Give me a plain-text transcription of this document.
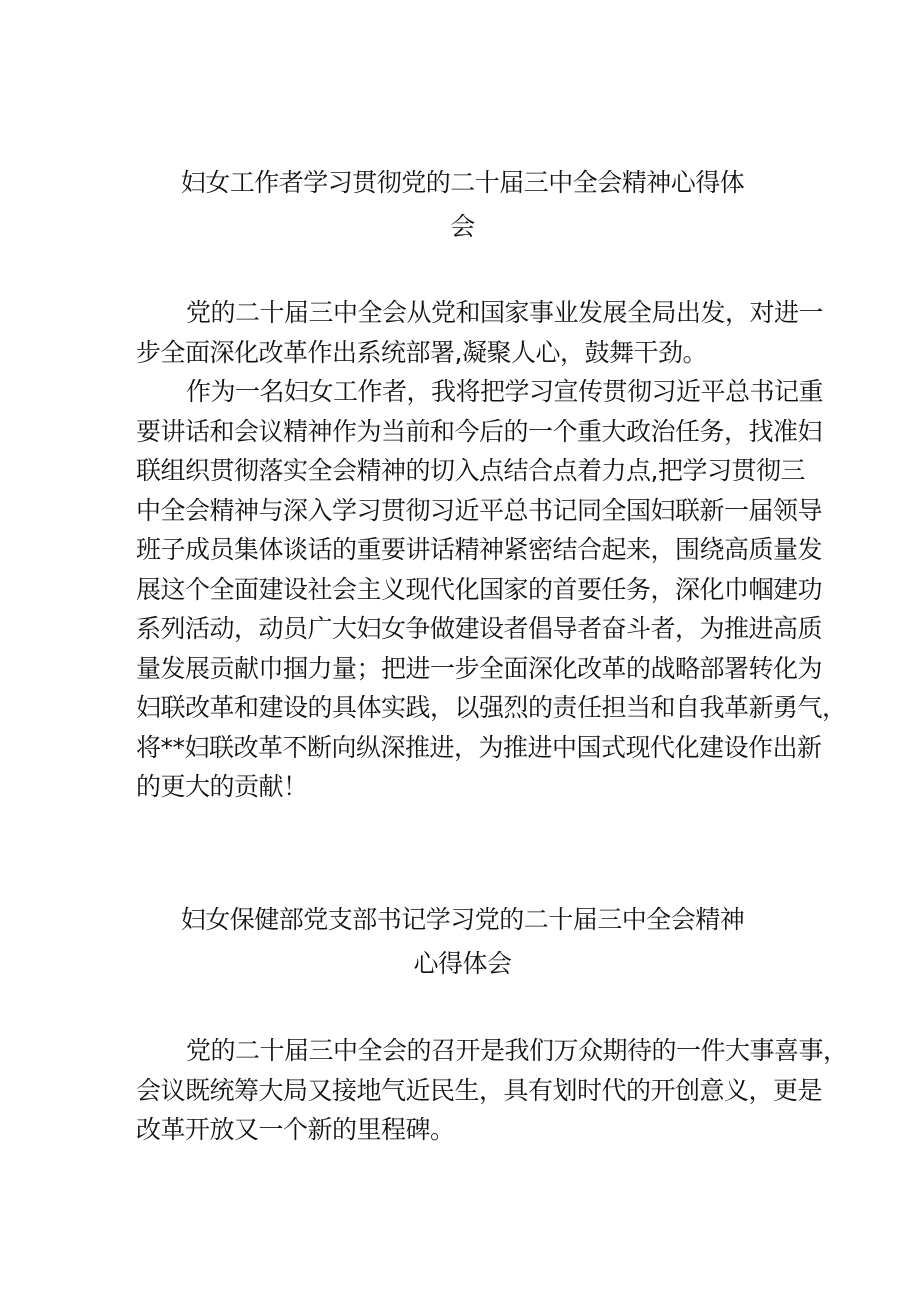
妇女工作者学习贯彻党的二十届三中全会精神心得体
会

党的二十届三中全会从党和国家事业发展全局出发，对进一
步全面深化改革作出系统部署,凝聚人心，鼓舞干劲。

作为一名妇女工作者，我将把学习宣传贯彻习近平总书记重
要讲话和会议精神作为当前和今后的一个重大政治任务，找准妇
联组织贯彻落实全会精神的切入点结合点着力点,把学习贯彻三
中全会精神与深入学习贯彻习近平总书记同全国妇联新一届领导
班子成员集体谈话的重要讲话精神紧密结合起来，围绕高质量发
展这个全面建设社会主义现代化国家的首要任务，深化巾帼建功
系列活动，动员广大妇女争做建设者倡导者奋斗者，为推进高质
量发展贡献巾掴力量；把进一步全面深化改革的战略部署转化为
妇联改革和建设的具体实践，以强烈的责任担当和自我革新勇气，
将**妇联改革不断向纵深推进，为推进中国式现代化建设作出新
的更大的贡献！

妇女保健部党支部书记学习党的二十届三中全会精神
心得体会

党的二十届三中全会的召开是我们万众期待的一件大事喜事，
会议既统筹大局又接地气近民生，具有划时代的开创意义，更是
改革开放又一个新的里程碑。
